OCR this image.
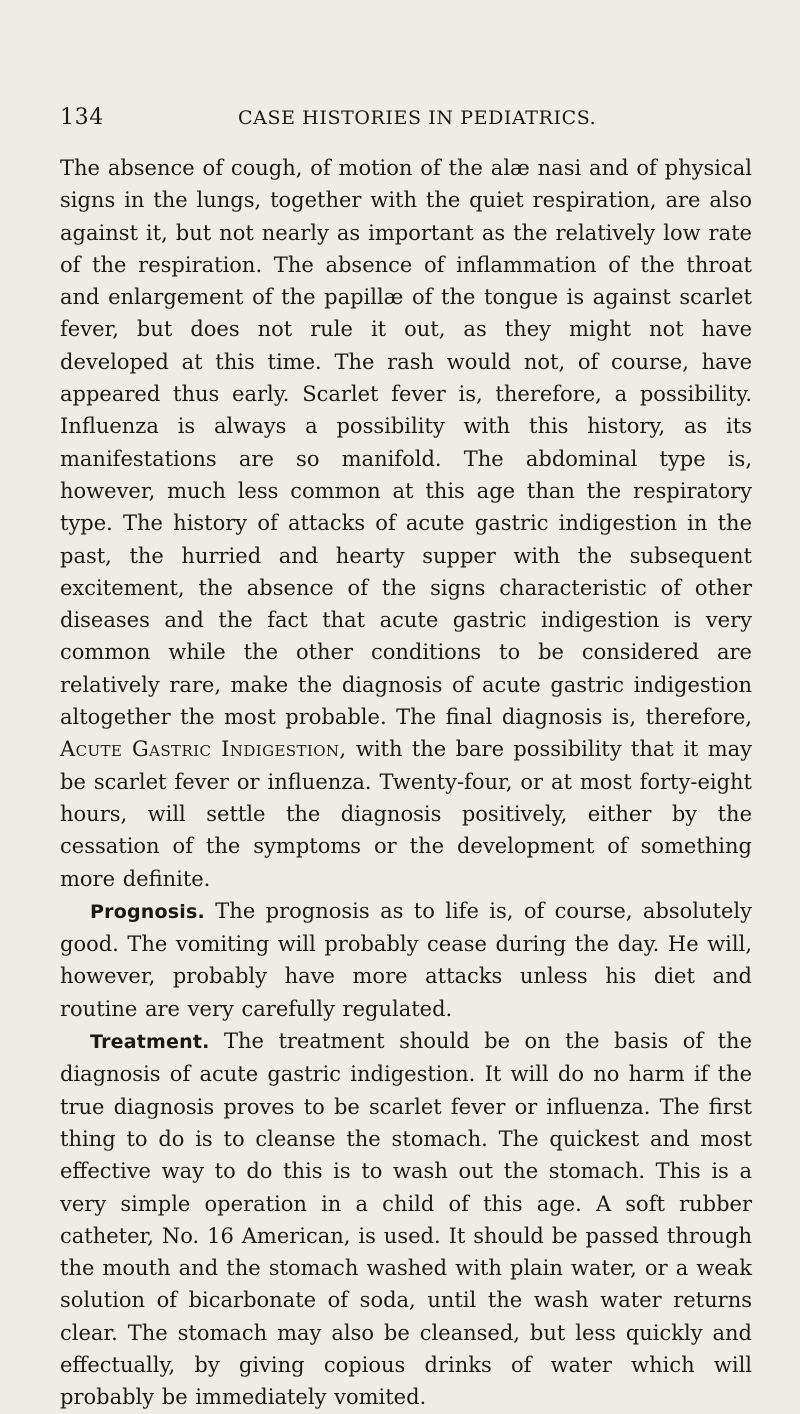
134	CASE HISTORIES IN PEDIATRICS.

The absence of cough, of motion of the alæ nasi and of physical signs in the lungs, together with the quiet respiration, are also against it, but not nearly as important as the relatively low rate of the respiration. The absence of inflammation of the throat and enlargement of the papillæ of the tongue is against scarlet fever, but does not rule it out, as they might not have developed at this time. The rash would not, of course, have appeared thus early. Scarlet fever is, therefore, a possibility. Influenza is always a possibility with this history, as its manifestations are so manifold. The abdominal type is, however, much less common at this age than the respiratory type. The history of attacks of acute gastric indigestion in the past, the hurried and hearty supper with the subsequent excitement, the absence of the signs characteristic of other diseases and the fact that acute gastric indigestion is very common while the other conditions to be considered are relatively rare, make the diagnosis of acute gastric indigestion altogether the most probable. The final diagnosis is, therefore, Acute Gastric Indigestion, with the bare possibility that it may be scarlet fever or influenza. Twenty-four, or at most forty-eight hours, will settle the diagnosis positively, either by the cessation of the symptoms or the development of something more definite.

Prognosis. The prognosis as to life is, of course, absolutely good. The vomiting will probably cease during the day. He will, however, probably have more attacks unless his diet and routine are very carefully regulated.

Treatment. The treatment should be on the basis of the diagnosis of acute gastric indigestion. It will do no harm if the true diagnosis proves to be scarlet fever or influenza. The first thing to do is to cleanse the stomach. The quickest and most effective way to do this is to wash out the stomach. This is a very simple operation in a child of this age. A soft rubber catheter, No. 16 American, is used. It should be passed through the mouth and the stomach washed with plain water, or a weak solution of bicarbonate of soda, until the wash water returns clear. The stomach may also be cleansed, but less quickly and effectually, by giving copious drinks of water which will probably be immediately vomited.
